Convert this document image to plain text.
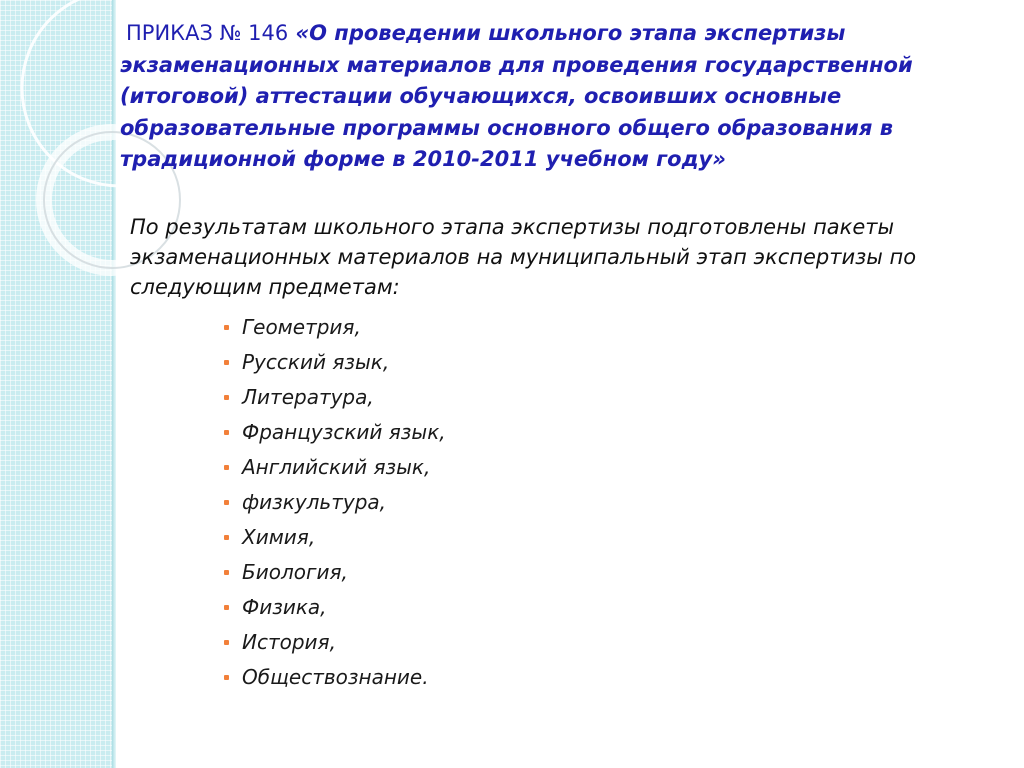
ПРИКАЗ № 146 «О проведении школьного этапа экспертизы экзаменационных материалов для проведения государственной (итоговой) аттестации обучающихся, освоивших основные образовательные программы основного общего образования в традиционной форме в 2010-2011 учебном году»

По результатам школьного этапа экспертизы подготовлены пакеты экзаменационных материалов на муниципальный этап экспертизы по следующим предметам:

Геометрия,
Русский язык,
Литература,
Французский язык,
Английский язык,
физкультура,
Химия,
Биология,
Физика,
История,
Обществознание.
